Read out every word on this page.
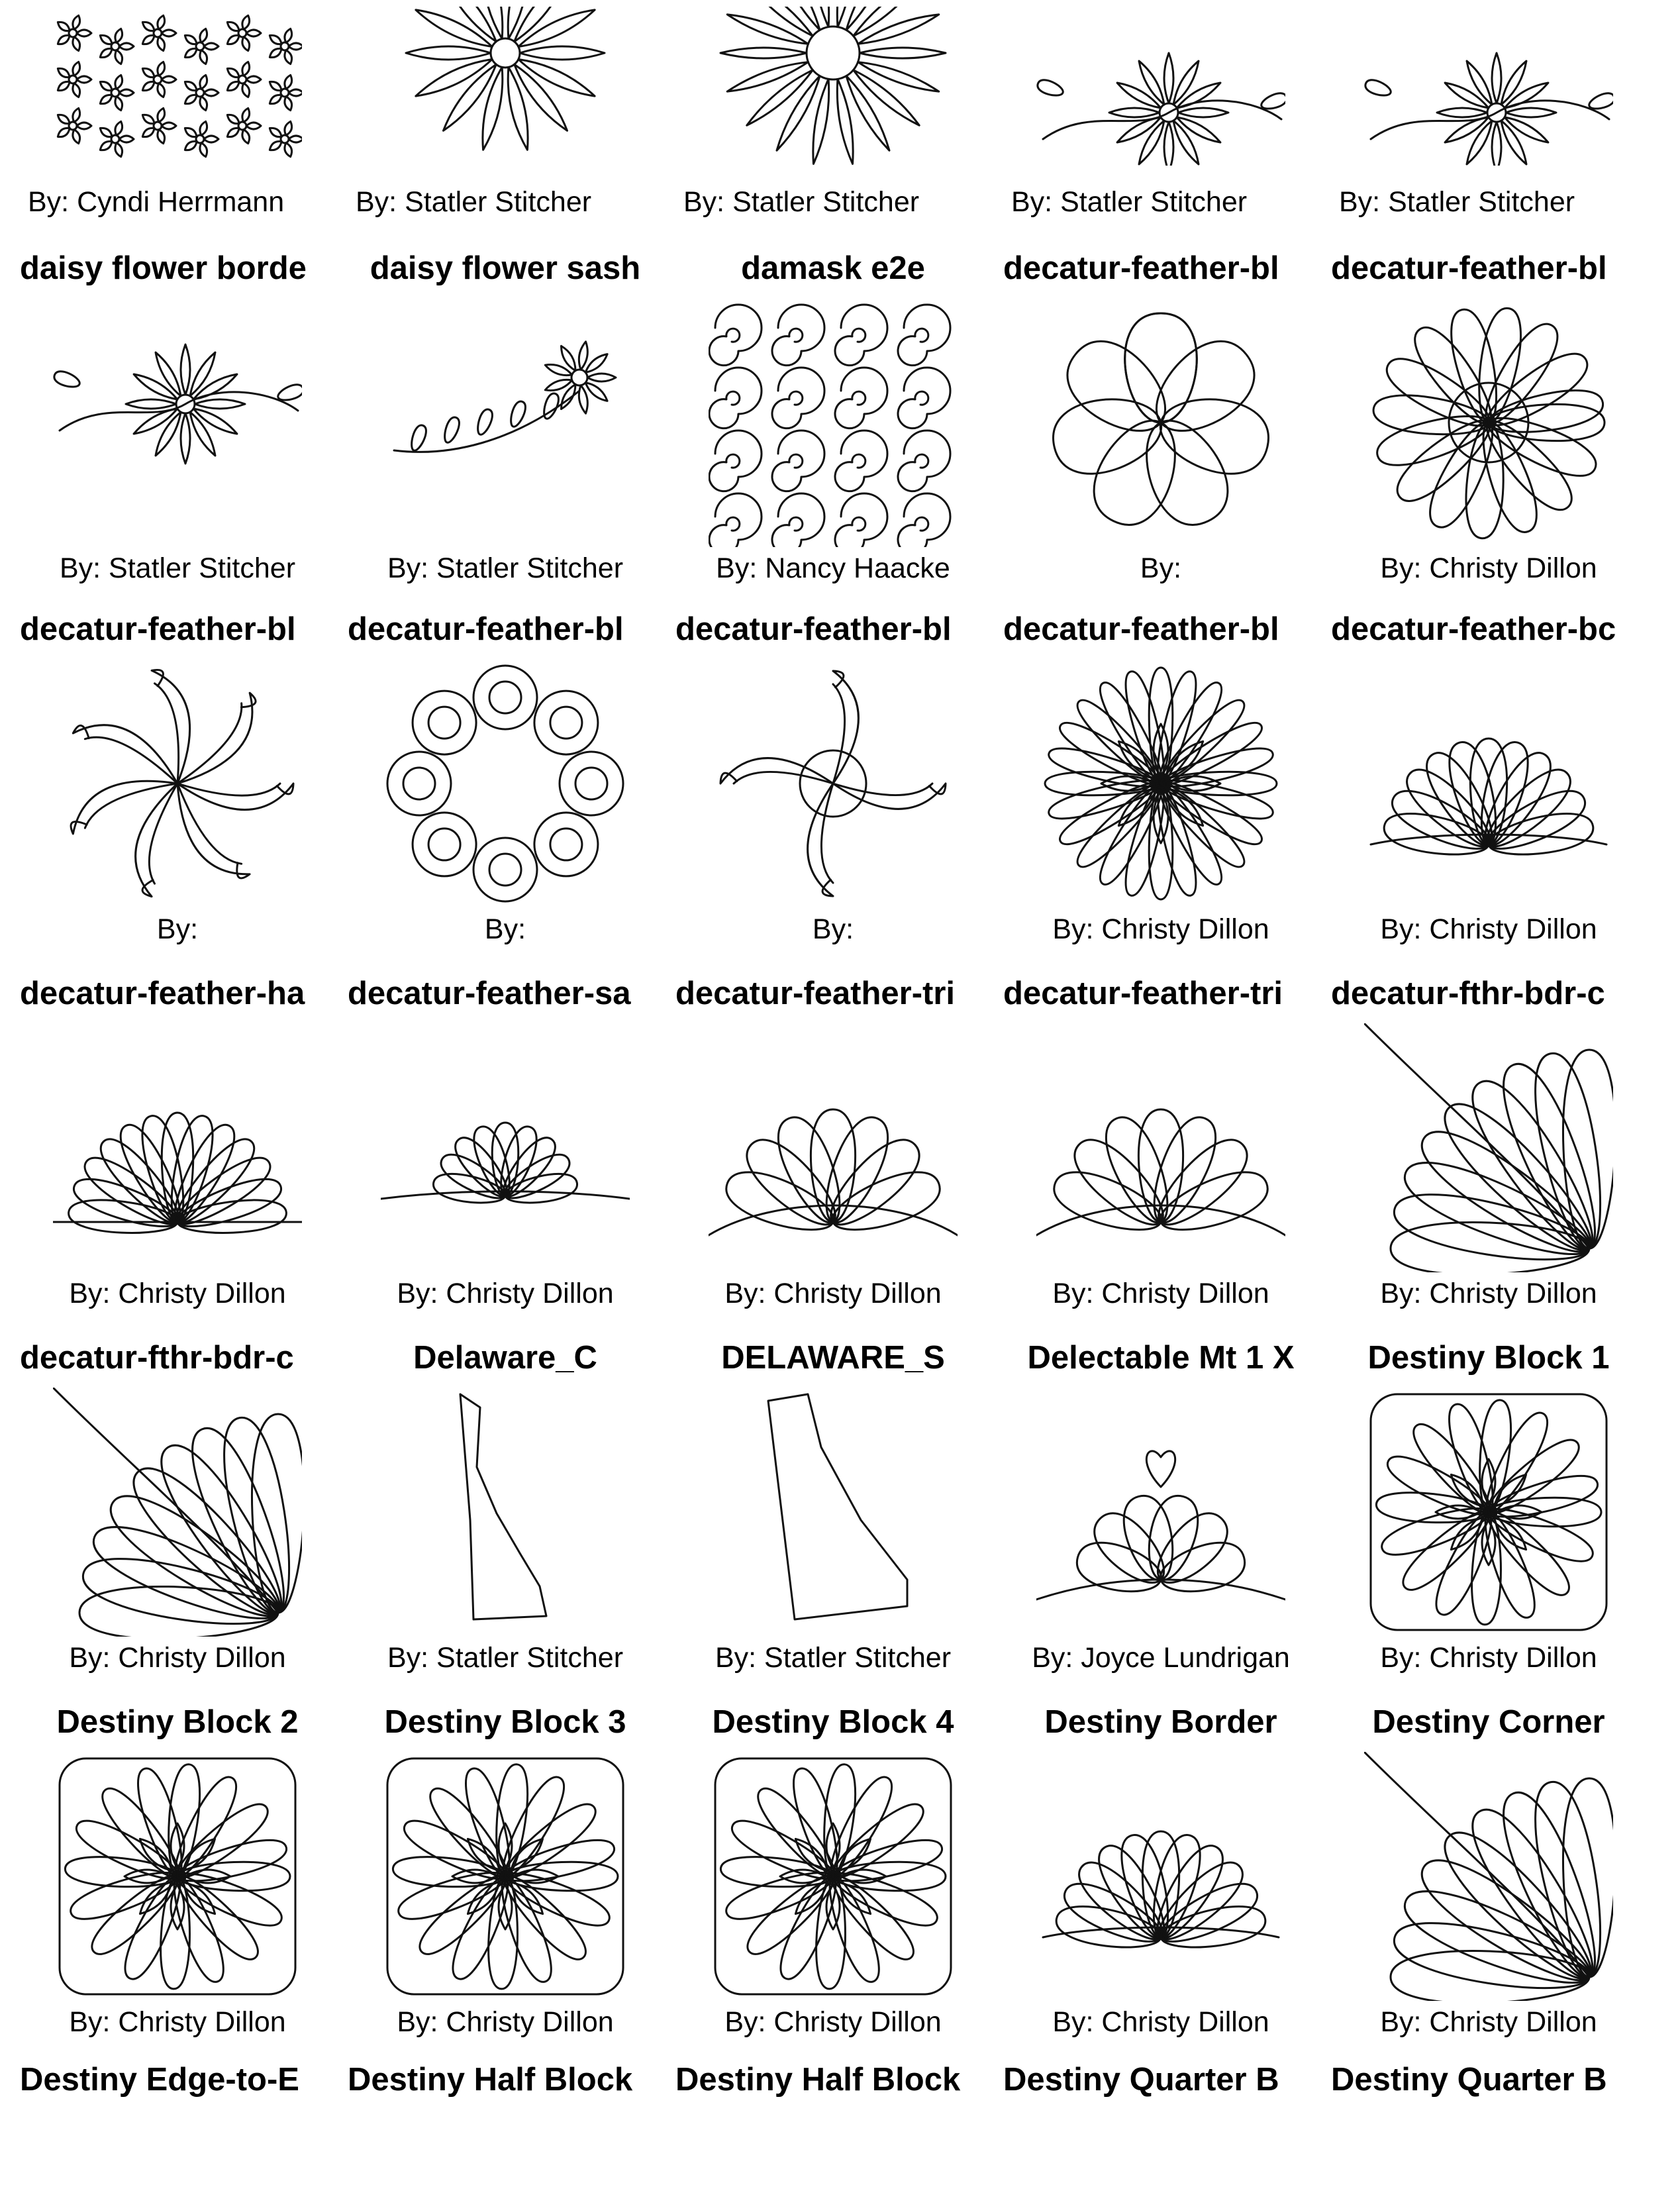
By: Cyndi Herrmann	By: Statler Stitcher	By: Statler Stitcher	By: Statler Stitcher	By: Statler Stitcher
daisy flower borde
By: Statler Stitcher
daisy flower sash
By: Statler Stitcher
damask e2e
By: Nancy Haacke
decatur-feather-bl
By:
decatur-feather-bl
By: Christy Dillon
decatur-feather-bl
By:
decatur-feather-bl
By:
decatur-feather-bl
By:
decatur-feather-bl
By: Christy Dillon
decatur-feather-bc
By: Christy Dillon
decatur-feather-ha
By: Christy Dillon
decatur-feather-sa
By: Christy Dillon
decatur-feather-tri
By: Christy Dillon
decatur-feather-tri
By: Christy Dillon
decatur-fthr-bdr-c
By: Christy Dillon
decatur-fthr-bdr-c
By: Christy Dillon
Delaware_C
By: Statler Stitcher
DELAWARE_S
By: Statler Stitcher
Delectable Mt 1 X
By: Joyce Lundrigan
Destiny Block 1
By: Christy Dillon
Destiny Block 2
By: Christy Dillon
Destiny Block 3
By: Christy Dillon
Destiny Block 4
By: Christy Dillon
Destiny Border
By: Christy Dillon
Destiny Corner
By: Christy Dillon
Destiny Edge-to-E	Destiny Half Block	Destiny Half Block	Destiny Quarter B	Destiny Quarter B
